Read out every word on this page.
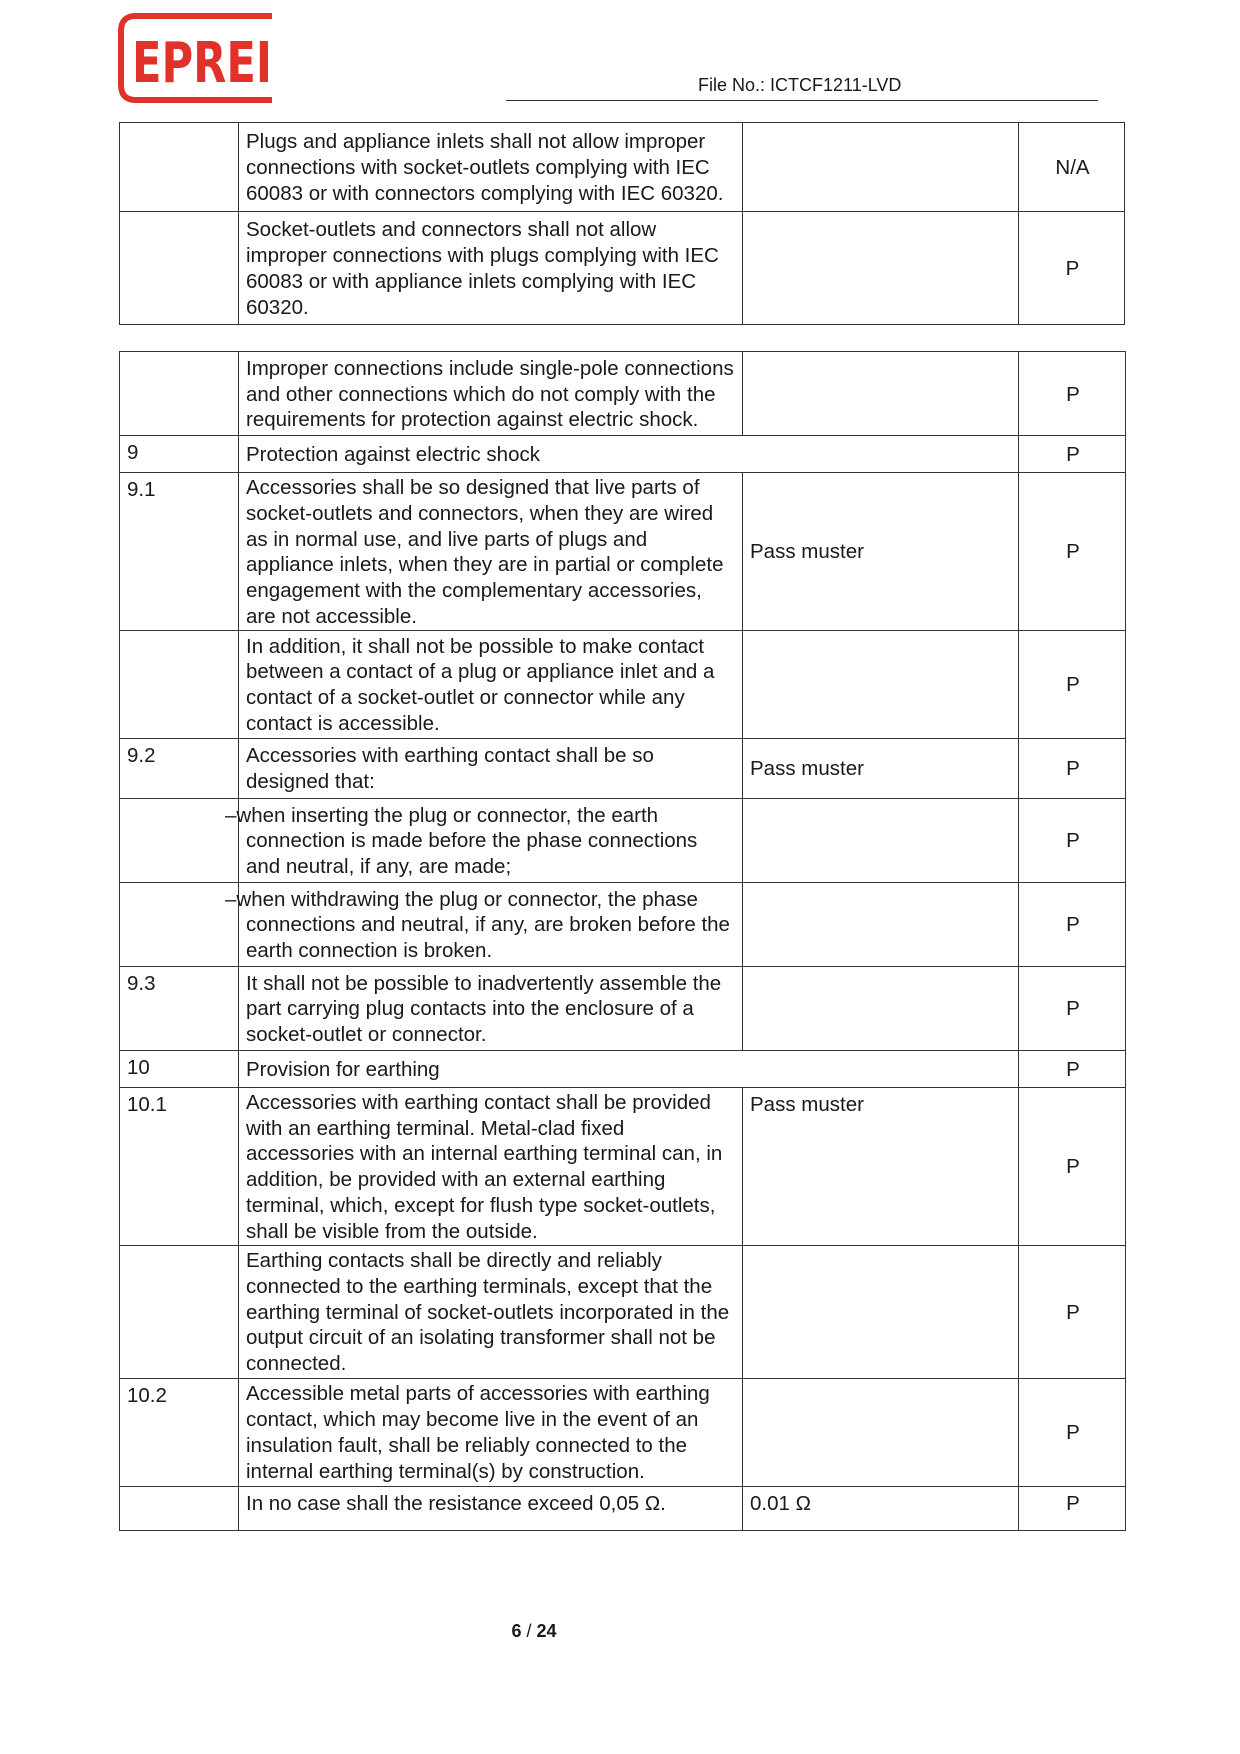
EPREI	File No.: ICTCF1211-LVD
	Plugs and appliance inlets shall not allow improper connections with socket-outlets complying with IEC 60083 or with connectors complying with IEC 60320.		N/A
	Socket-outlets and connectors shall not allow improper connections with plugs complying with IEC 60083 or with appliance inlets complying with IEC 60320.		P
	Improper connections include single-pole connections and other connections which do not comply with the requirements for protection against electric shock.		P
9	Protection against electric shock		P
9.1	Accessories shall be so designed that live parts of socket-outlets and connectors, when they are wired as in normal use, and live parts of plugs and appliance inlets, when they are in partial or complete engagement with the complementary accessories, are not accessible.	Pass muster	P
	In addition, it shall not be possible to make contact between a contact of a plug or appliance inlet and a contact of a socket-outlet or connector while any contact is accessible.		P
9.2	Accessories with earthing contact shall be so designed that:	Pass muster	P
	–when inserting the plug or connector, the earth connection is made before the phase connections and neutral, if any, are made;		P
	–when withdrawing the plug or connector, the phase connections and neutral, if any, are broken before the earth connection is broken.		P
9.3	It shall not be possible to inadvertently assemble the part carrying plug contacts into the enclosure of a socket-outlet or connector.		P
10	Provision for earthing		P
10.1	Accessories with earthing contact shall be provided with an earthing terminal. Metal-clad fixed accessories with an internal earthing terminal can, in addition, be provided with an external earthing terminal, which, except for flush type socket-outlets, shall be visible from the outside.	Pass muster	P
	Earthing contacts shall be directly and reliably connected to the earthing terminals, except that the earthing terminal of socket-outlets incorporated in the output circuit of an isolating transformer shall not be connected.		P
10.2	Accessible metal parts of accessories with earthing contact, which may become live in the event of an insulation fault, shall be reliably connected to the internal earthing terminal(s) by construction.		P
	In no case shall the resistance exceed 0,05 Ω.	0.01 Ω	P
6 / 24
